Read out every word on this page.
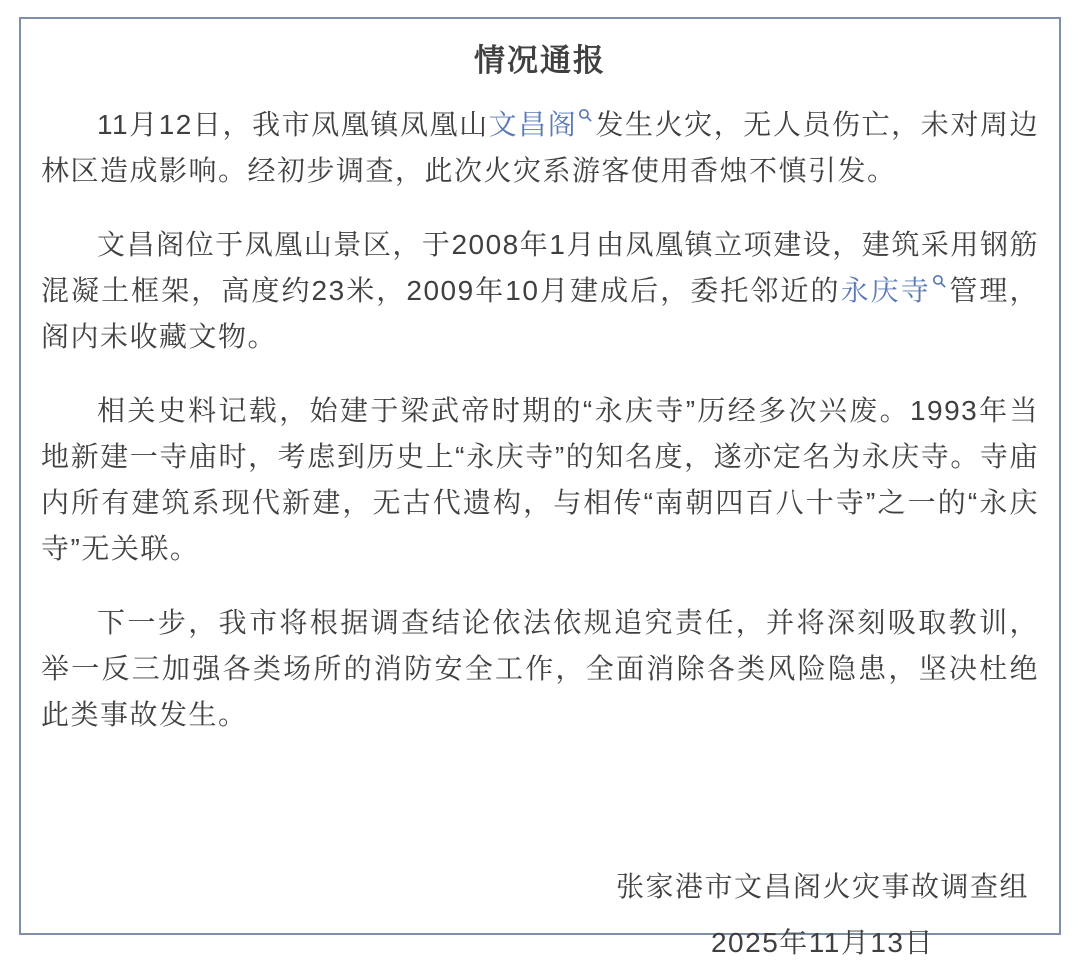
情况通报

11月12日，我市凤凰镇凤凰山文昌阁 发生火灾，无人员伤亡，未对周边林区造成影响。经初步调查，此次火灾系游客使用香烛不慎引发。

文昌阁位于凤凰山景区，于2008年1月由凤凰镇立项建设，建筑采用钢筋混凝土框架，高度约23米，2009年10月建成后，委托邻近的永庆寺 管理，阁内未收藏文物。

相关史料记载，始建于梁武帝时期的“永庆寺”历经多次兴废。1993年当地新建一寺庙时，考虑到历史上“永庆寺”的知名度，遂亦定名为永庆寺。寺庙内所有建筑系现代新建，无古代遗构，与相传“南朝四百八十寺”之一的“永庆寺”无关联。

下一步，我市将根据调查结论依法依规追究责任，并将深刻吸取教训，举一反三加强各类场所的消防安全工作，全面消除各类风险隐患，坚决杜绝此类事故发生。

张家港市文昌阁火灾事故调查组
2025年11月13日
